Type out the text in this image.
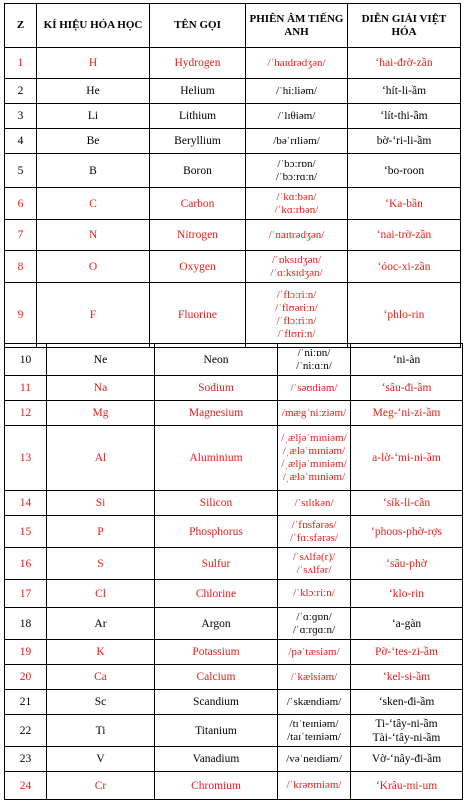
Z	KÍ HIỆU HÓA HỌC	TÊN GỌI	PHIÊN ÂM TIẾNG ANH	DIỄN GIẢI VIỆT HÓA
1	H	Hydrogen	/ˈhaɪdrədʒən/	‘hai-đrờ-zần

2	He	Helium	/ˈhiːliəm/	‘hít-li-ầm

3	Li	Lithium	/ˈlɪθiəm/	‘lít-thi-ầm

4	Be	Beryllium	/bəˈrɪliəm/	bờ-‘ri-li-ầm

5	B	Boron	/ˈbɔːrɒn/
/ˈbɔːrɑːn/	‘bo-roon

6	C	Carbon	/ˈkɑːbən/
/ˈkɑːrbən/	‘Ka-bần

7	N	Nitrogen	/ˈnaɪtrədʒən/	‘nai-trờ-zần

8	O	Oxygen	/ˈɒksɪdʒən/
/ˈɑːksɪdʒən/	‘óoc-xi-zần

9	F	Fluorine	/ˈflɔːriːn/
/ˈflʊəriːn/
/ˈflɔːriːn/
/ˈflʊriːn/	‘phlo-rin
10	Ne	Neon	/ˈniːɒn/
/ˈniːɑːn/	‘ni-àn

11	Na	Sodium	/ˈsəʊdiəm/	‘sâu-đi-ầm

12	Mg	Magnesium	/mægˈniːziəm/	Meg-‘ni-zi-ầm

13	Al	Aluminium	/ˌæljəˈmɪniəm/
/ˌæləˈmɪniəm/
/ˌæljəˈmɪniəm/
/ˌæləˈmɪniəm/	a-lờ-‘mi-ni-ầm

14	Si	Silicon	/ˈsɪlɪkən/	‘sík-li-cần

15	P	Phosphorus	/ˈfɒsfərəs/
/ˈfɑːsfərəs/	‘phoos-phờ-rợs

16	S	Sulfur	/ˈsʌlfə(r)/
/ˈsʌlfər/	‘sâu-phờ

17	Cl	Chlorine	/ˈklɔːriːn/	‘klo-rin

18	Ar	Argon	/ˈɑːɡɒn/
/ˈɑːrɡɑːn/	‘a-gàn

19	K	Potassium	/pəˈtæsiəm/	Pờ-‘tes-zi-ầm

20	Ca	Calcium	/ˈkælsiəm/	‘kel-si-ầm

21	Sc	Scandium	/ˈskændiəm/	‘sken-đi-ầm

22	Ti	Titanium	/tɪˈteɪniəm/
/taɪˈteɪniəm/	Ti-‘tây-ni-ầm
Tài-‘tây-ni-ầm

23	V	Vanadium	/vəˈneɪdiəm/	Vờ-‘nây-đi-ầm

24	Cr	Chromium	/ˈkrəʊmiəm/	‘Krâu-mi-um
